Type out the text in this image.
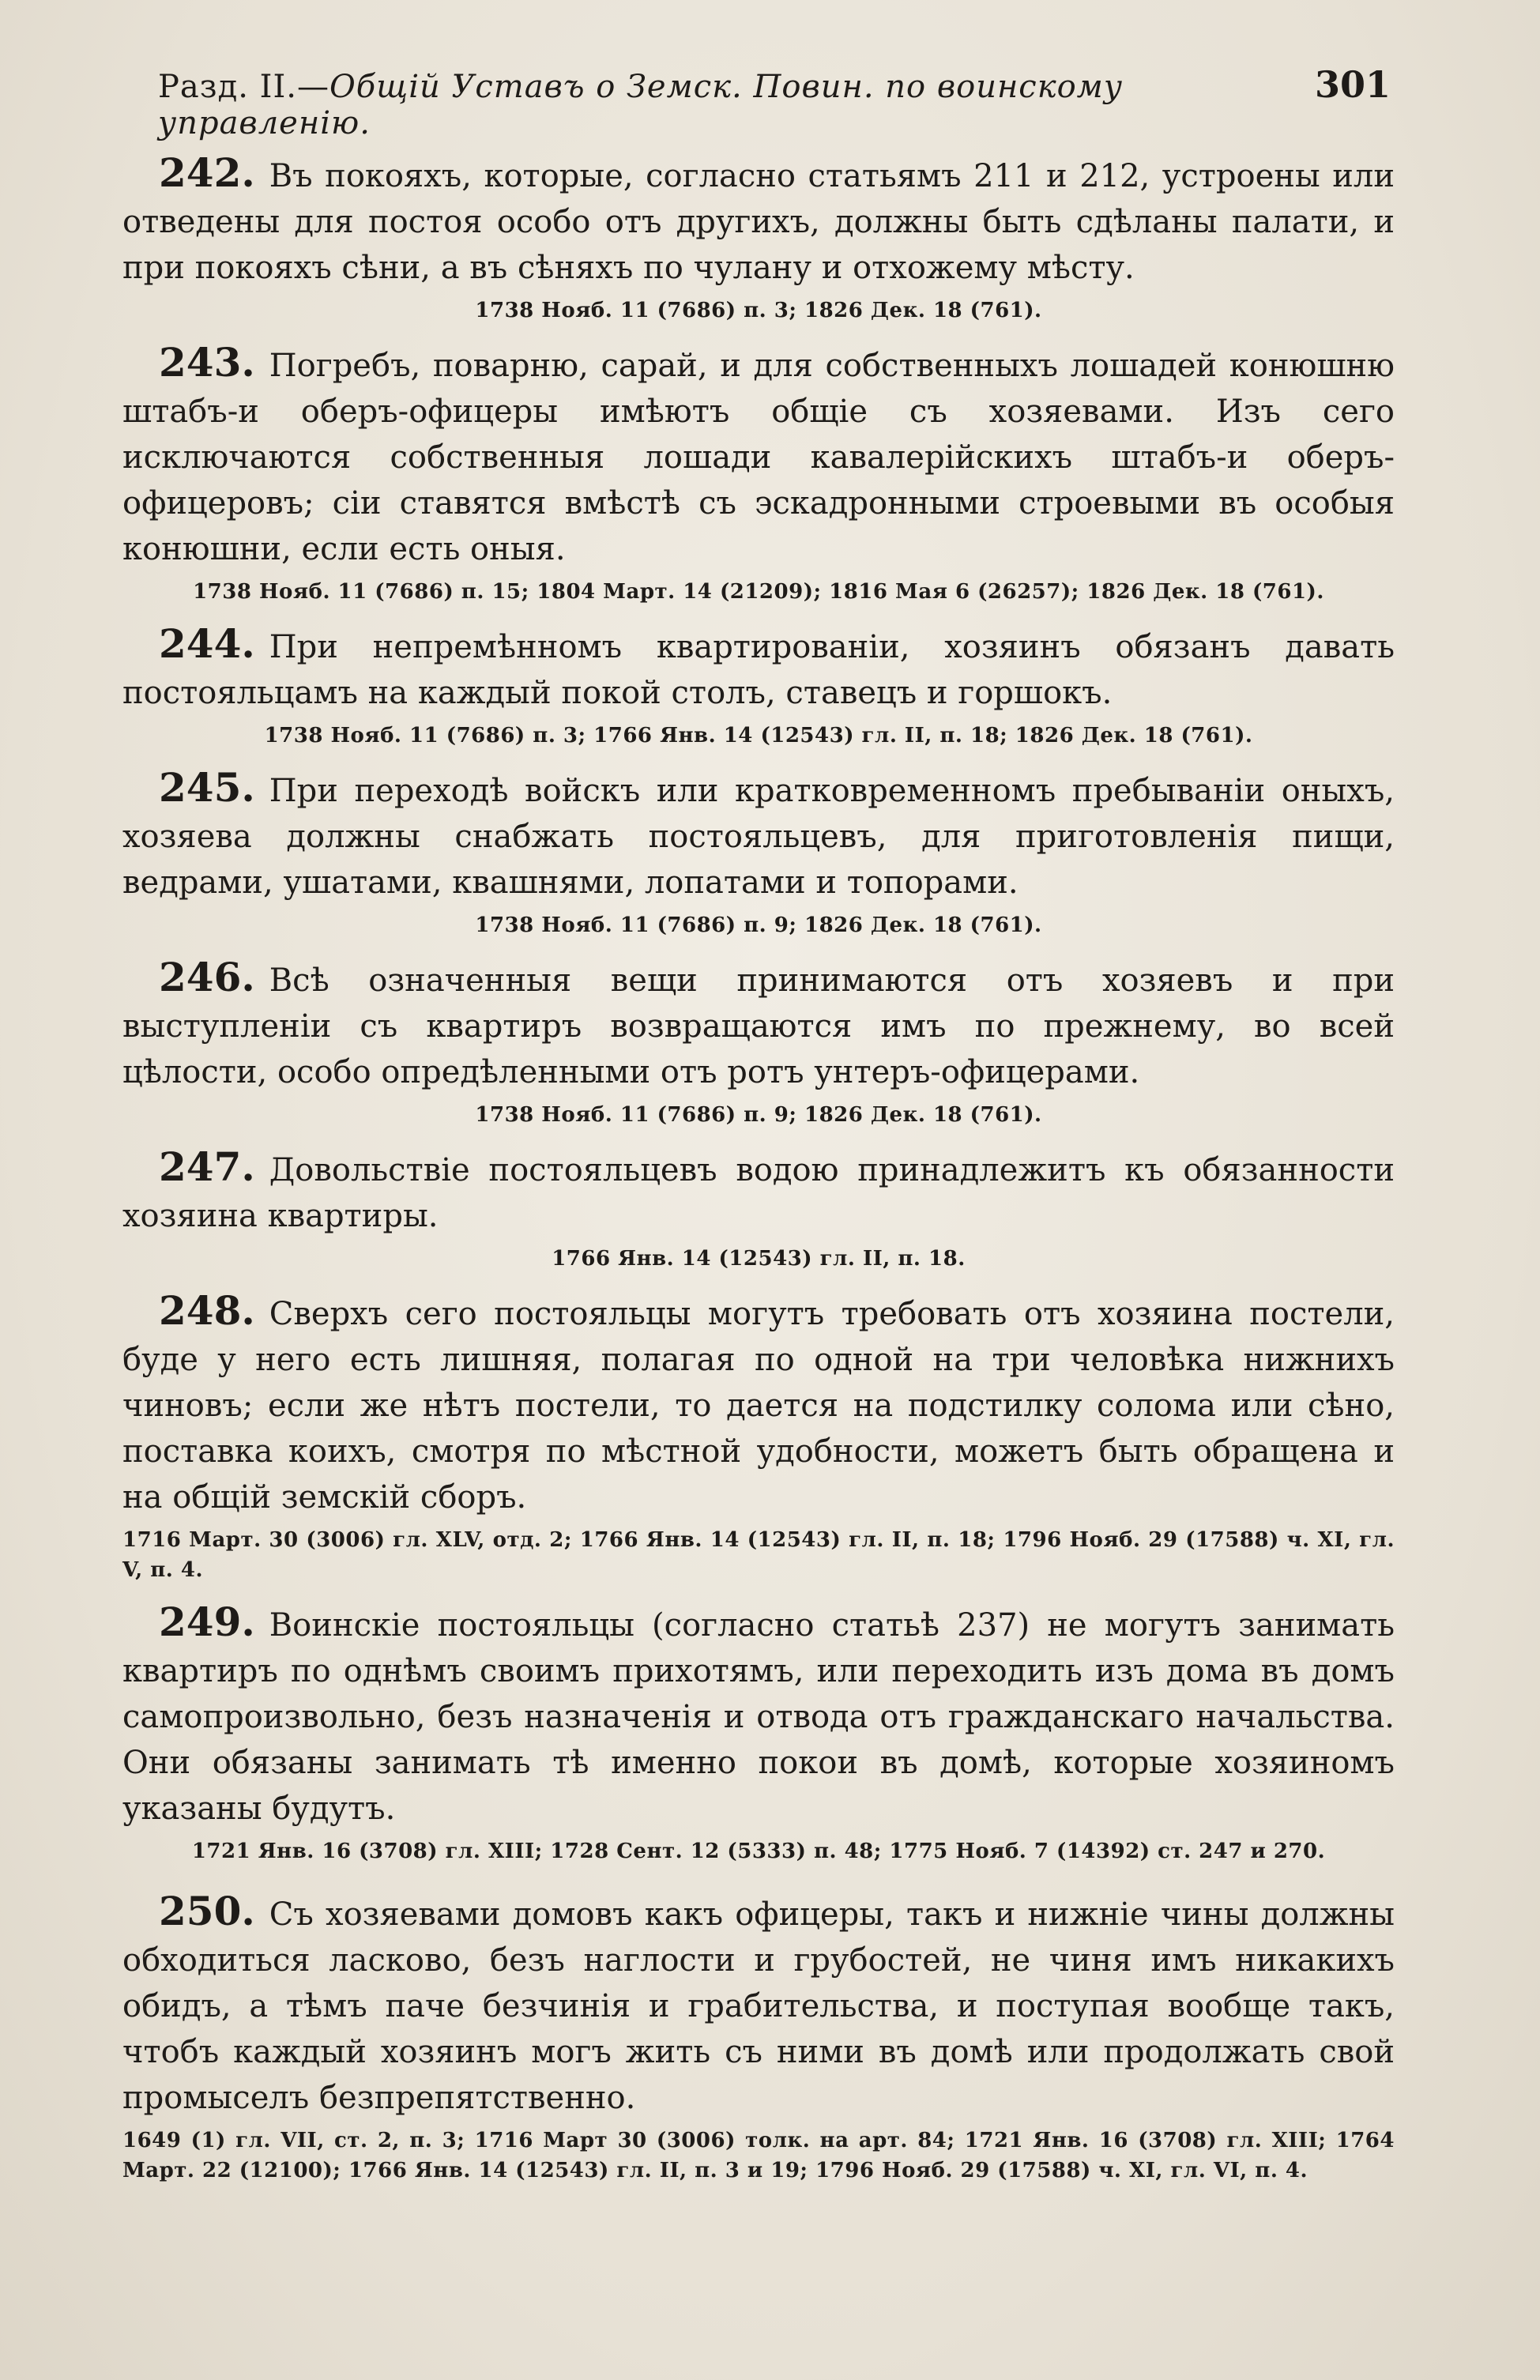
Разд. II.—Общій Уставъ о Земск. Повин. по воинскому управленію.
301

242. Въ покояхъ, которые, согласно статьямъ 211 и 212, устроены или отведены для постоя особо отъ другихъ, должны быть сдѣланы палати, и при покояхъ сѣни, а въ сѣняхъ по чулану и отхожему мѣсту.

1738 Нояб. 11 (7686) п. 3; 1826 Дек. 18 (761).

243. Погребъ, поварню, сарай, и для собственныхъ лошадей конюшню штабъ-и оберъ-офицеры имѣютъ общіе съ хозяевами. Изъ сего исключаются собственныя лошади кавалерійскихъ штабъ-и оберъ-офицеровъ; сіи ставятся вмѣстѣ съ эскадронными строевыми въ особыя конюшни, если есть оныя.

1738 Нояб. 11 (7686) п. 15; 1804 Март. 14 (21209); 1816 Мая 6 (26257); 1826 Дек. 18 (761).

244. При непремѣнномъ квартированіи, хозяинъ обязанъ давать постояльцамъ на каждый покой столъ, ставецъ и горшокъ.

1738 Нояб. 11 (7686) п. 3; 1766 Янв. 14 (12543) гл. II, п. 18; 1826 Дек. 18 (761).

245. При переходѣ войскъ или кратковременномъ пребываніи оныхъ, хозяева должны снабжать постояльцевъ, для приготовленія пищи, ведрами, ушатами, квашнями, лопатами и топорами.

1738 Нояб. 11 (7686) п. 9; 1826 Дек. 18 (761).

246. Всѣ означенныя вещи принимаются отъ хозяевъ и при выступленіи съ квартиръ возвращаются имъ по прежнему, во всей цѣлости, особо опредѣленными отъ ротъ унтеръ-офицерами.

1738 Нояб. 11 (7686) п. 9; 1826 Дек. 18 (761).

247. Довольствіе постояльцевъ водою принадлежитъ къ обязанности хозяина квартиры.

1766 Янв. 14 (12543) гл. II, п. 18.

248. Сверхъ сего постояльцы могутъ требовать отъ хозяина постели, буде у него есть лишняя, полагая по одной на три человѣка нижнихъ чиновъ; если же нѣтъ постели, то дается на подстилку солома или сѣно, поставка коихъ, смотря по мѣстной удобности, можетъ быть обращена и на общій земскій сборъ.

1716 Март. 30 (3006) гл. XLV, отд. 2; 1766 Янв. 14 (12543) гл. II, п. 18; 1796 Нояб. 29 (17588) ч. XI, гл. V, п. 4.

249. Воинскіе постояльцы (согласно статьѣ 237) не могутъ занимать квартиръ по однѣмъ своимъ прихотямъ, или переходить изъ дома въ домъ самопроизвольно, безъ назначенія и отвода отъ гражданскаго начальства. Они обязаны занимать тѣ именно покои въ домѣ, которые хозяиномъ указаны будутъ.

1721 Янв. 16 (3708) гл. XIII; 1728 Сент. 12 (5333) п. 48; 1775 Нояб. 7 (14392) ст. 247 и 270.

250. Съ хозяевами домовъ какъ офицеры, такъ и нижніе чины должны обходиться ласково, безъ наглости и грубостей, не чиня имъ никакихъ обидъ, а тѣмъ паче безчинія и грабительства, и поступая вообще такъ, чтобъ каждый хозяинъ могъ жить съ ними въ домѣ или продолжать свой промыселъ безпрепятственно.

1649 (1) гл. VII, ст. 2, п. 3; 1716 Март 30 (3006) толк. на арт. 84; 1721 Янв. 16 (3708) гл. XIII; 1764 Март. 22 (12100); 1766 Янв. 14 (12543) гл. II, п. 3 и 19; 1796 Нояб. 29 (17588) ч. XI, гл. VI, п. 4.
